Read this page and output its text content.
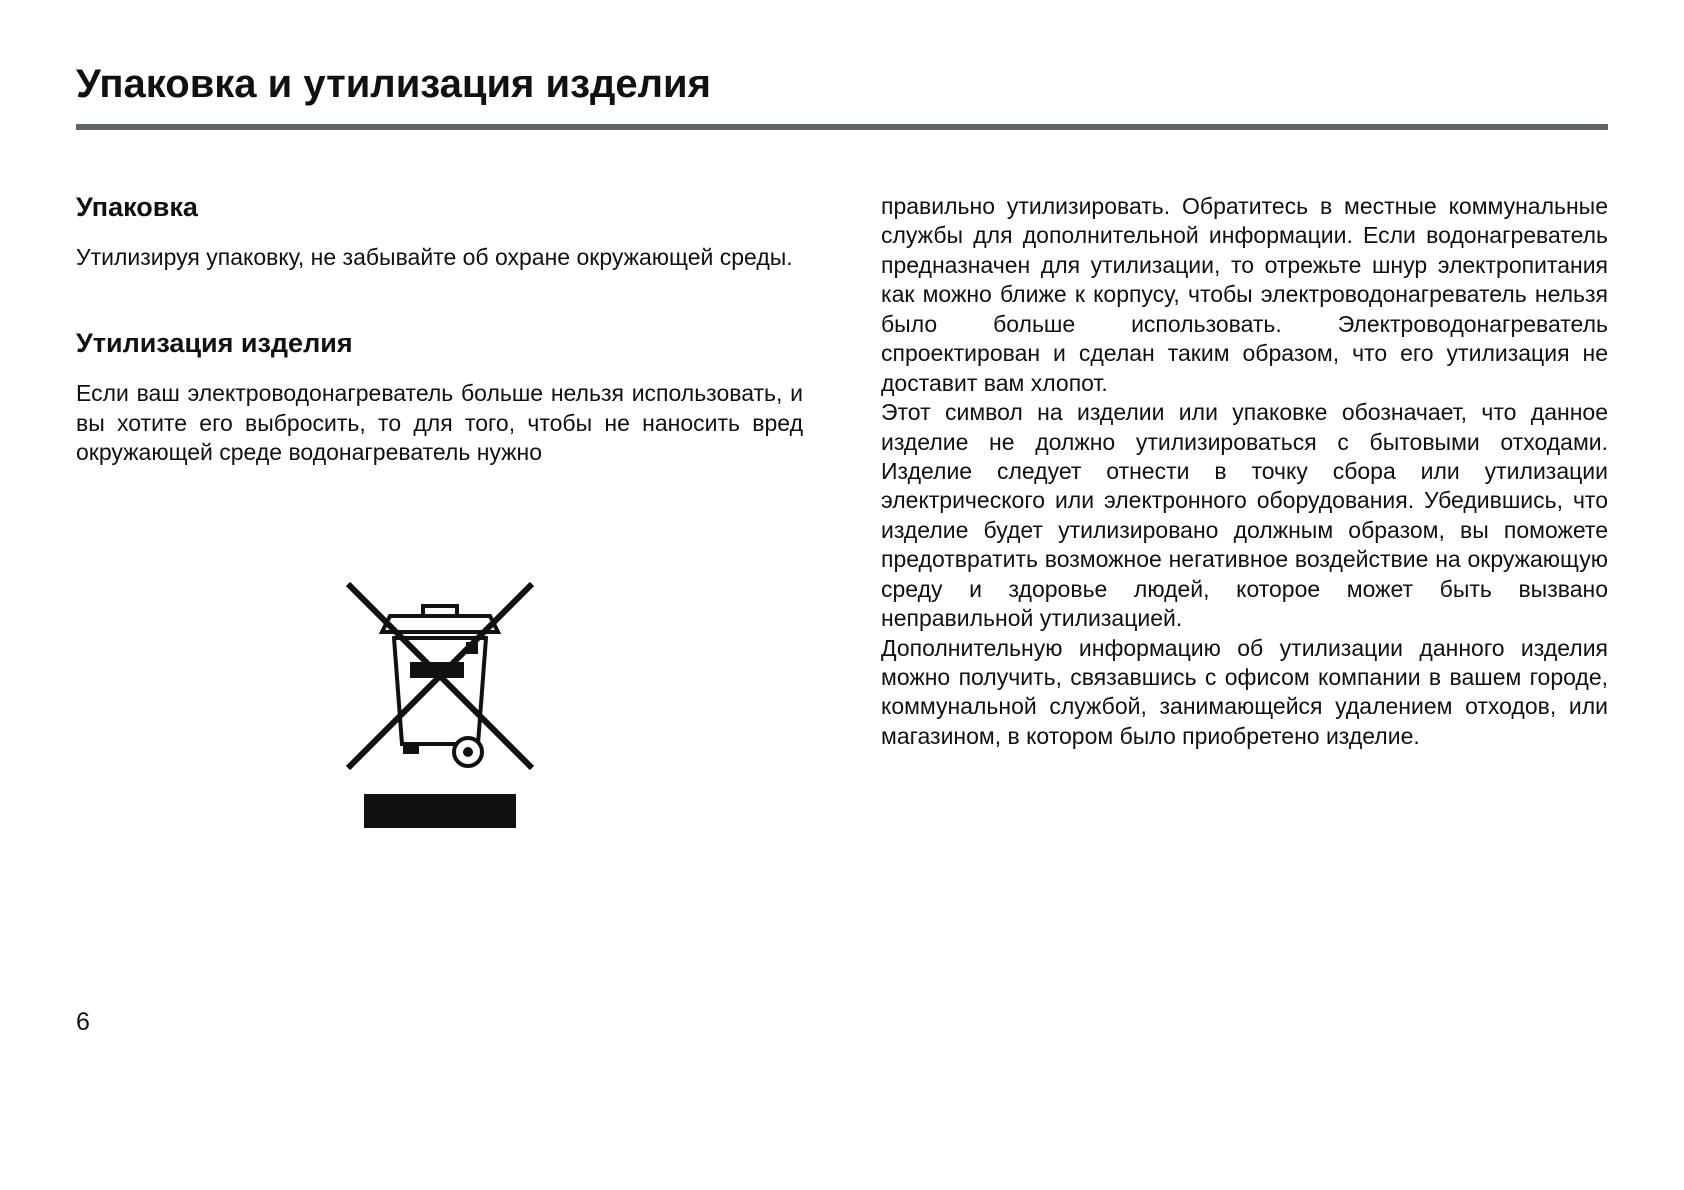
Упаковка и утилизация изделия
Упаковка

Утилизируя упаковку, не забывайте об охране окружающей среды.

Утилизация изделия

Если ваш электроводонагреватель больше нельзя использовать, и вы хотите его выбросить, то для того, чтобы не наносить вред окружающей среде водонагреватель нужно

правильно утилизировать. Обратитесь в местные коммунальные службы для дополнительной информации. Если водонагреватель предназначен для утилизации, то отрежьте шнур электропитания как можно ближе к корпусу, чтобы электроводонагреватель нельзя было больше использовать. Электроводонагреватель спроектирован и сделан таким образом, что его утилизация не доставит вам хлопот.

Этот символ на изделии или упаковке обозначает, что данное изделие не должно утилизироваться с бытовыми отходами. Изделие следует отнести в точку сбора или утилизации электрического или электронного оборудования. Убедившись, что изделие будет утилизировано должным образом, вы поможете предотвратить возможное негативное воздействие на окружающую среду и здоровье людей, которое может быть вызвано неправильной утилизацией.

Дополнительную информацию об утилизации данного изделия можно получить, связавшись с офисом компании в вашем городе, коммунальной службой, занимающейся удалением отходов, или магазином, в котором было приобретено изделие.

6
